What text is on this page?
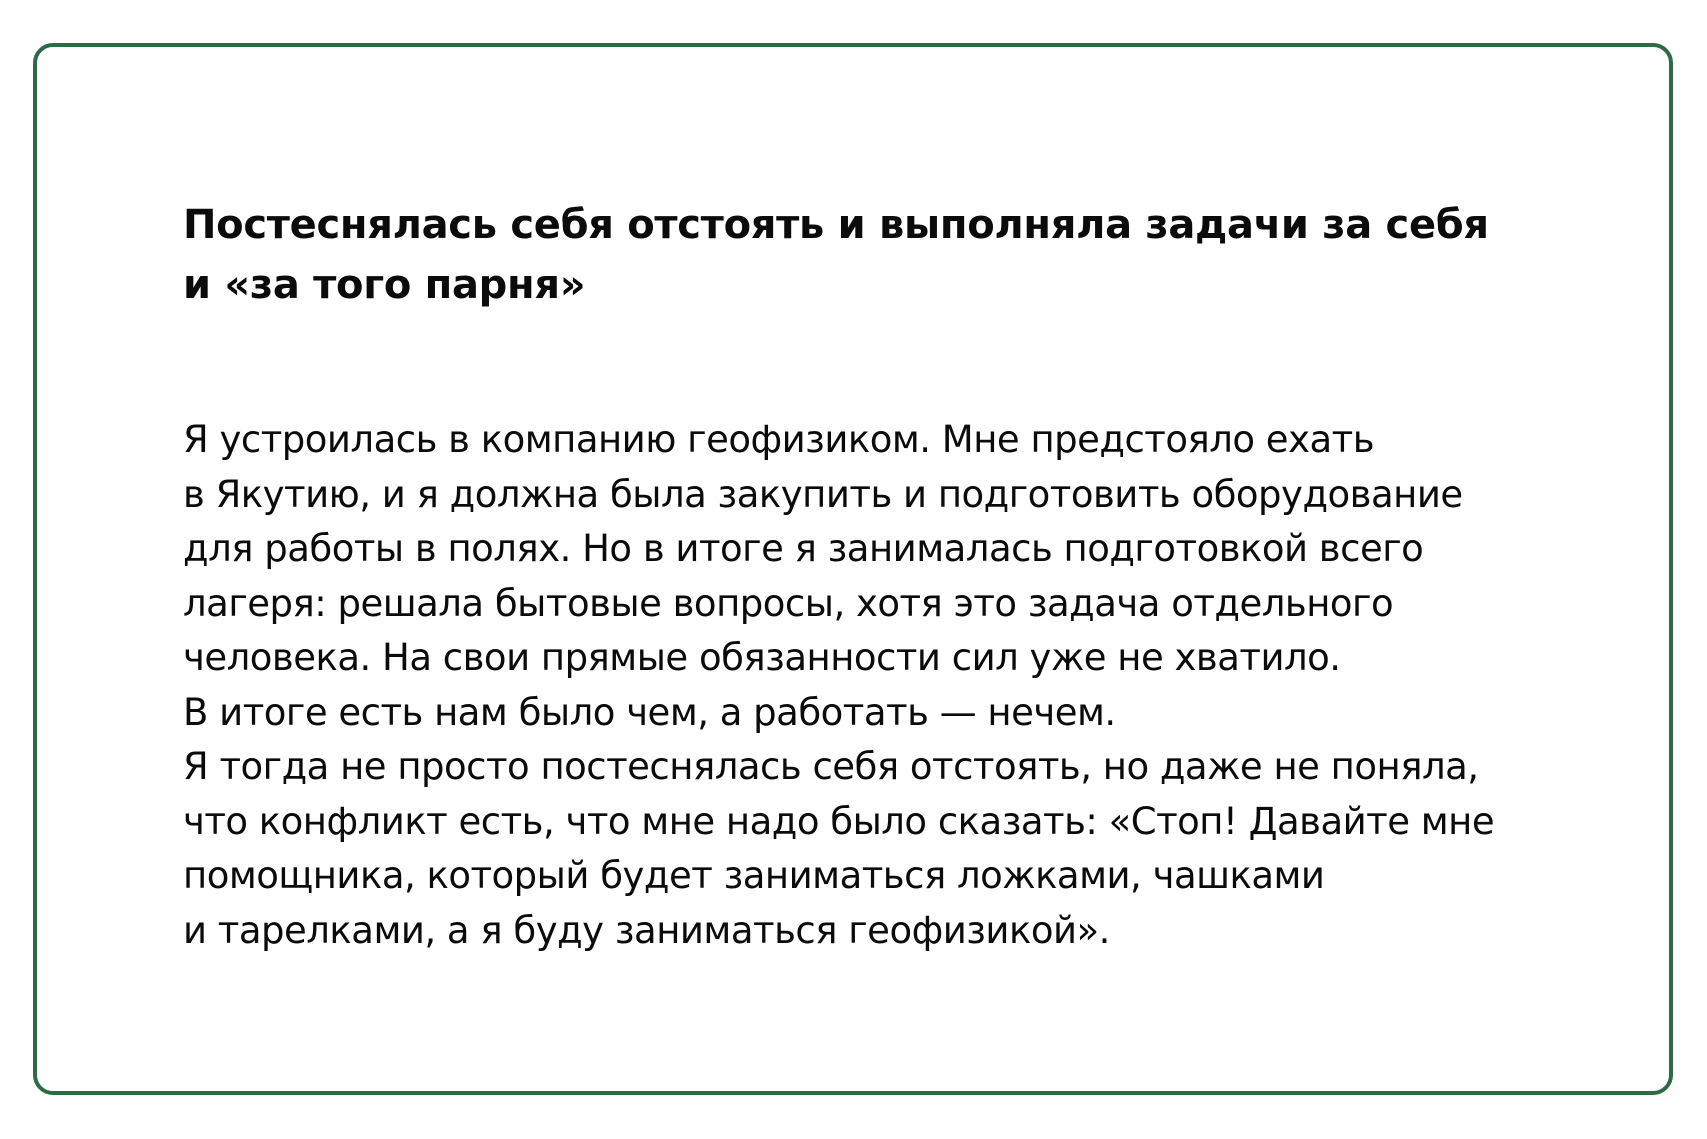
Постеснялась себя отстоять и выполняла задачи за себя
и «за того парня»
Я устроилась в компанию геофизиком. Мне предстояло ехать
в Якутию, и я должна была закупить и подготовить оборудование
для работы в полях. Но в итоге я занималась подготовкой всего
лагеря: решала бытовые вопросы, хотя это задача отдельного
человека. На свои прямые обязанности сил уже не хватило.
В итоге есть нам было чем, а работать — нечем.
Я тогда не просто постеснялась себя отстоять, но даже не поняла,
что конфликт есть, что мне надо было сказать: «Стоп! Давайте мне
помощника, который будет заниматься ложками, чашками
и тарелками, а я буду заниматься геофизикой».
